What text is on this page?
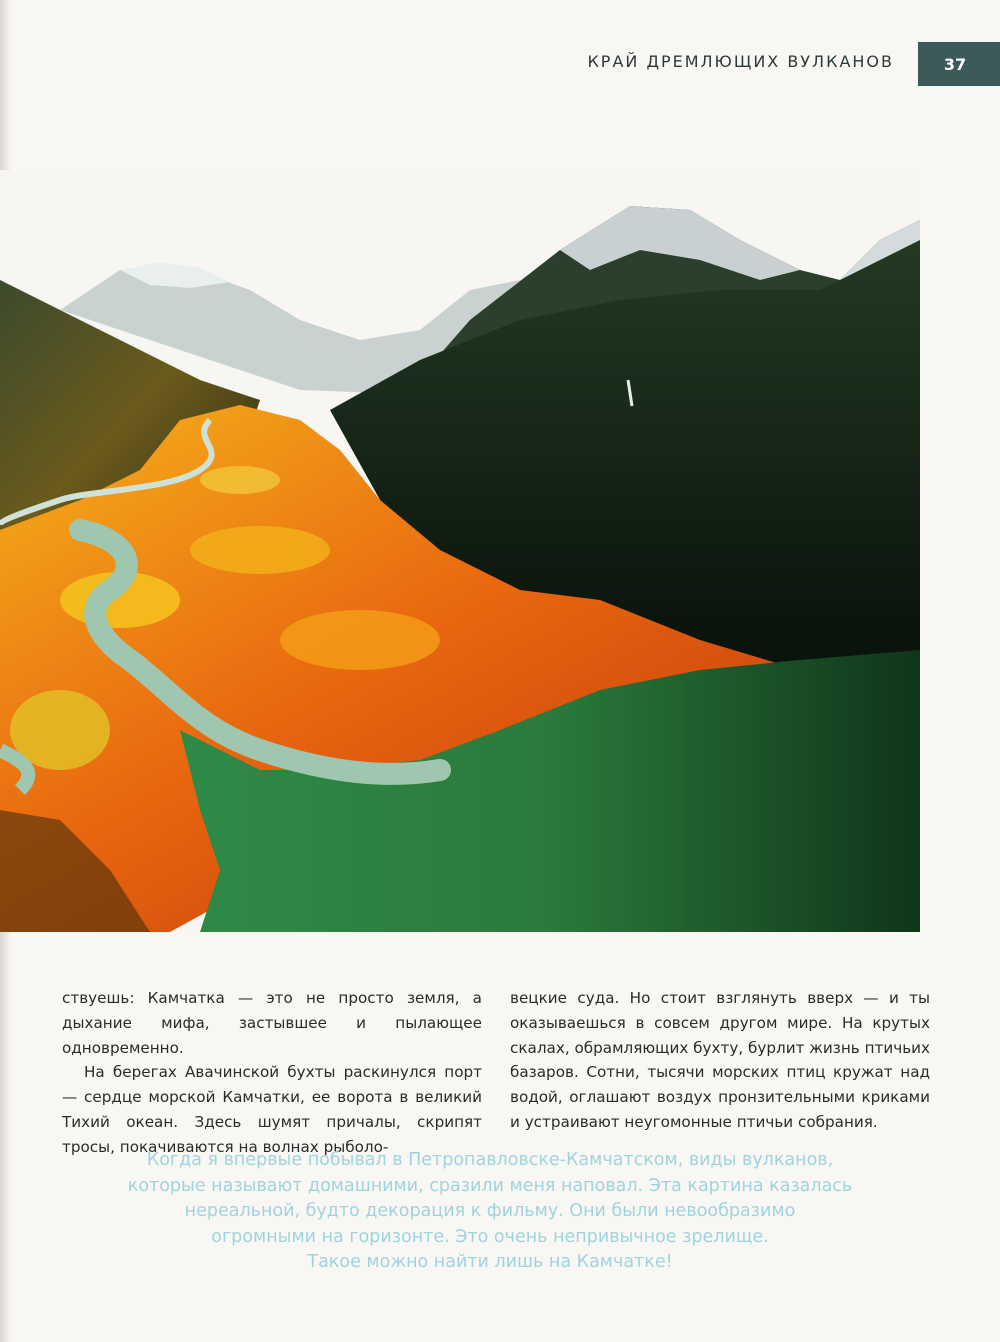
КРАЙ ДРЕМЛЮЩИХ ВУЛКАНОВ	37

ствуешь: Камчатка — это не просто земля, а дыхание мифа, застывшее и пылающее одновременно.

На берегах Авачинской бухты раскинулся порт — сердце морской Камчатки, ее ворота в великий Тихий океан. Здесь шумят причалы, скрипят тросы, покачиваются на волнах рыболо-

вецкие суда. Но стоит взглянуть вверх — и ты оказываешься в совсем другом мире. На крутых скалах, обрамляющих бухту, бурлит жизнь птичьих базаров. Сотни, тысячи морских птиц кружат над водой, оглашают воздух пронзительными криками и устраивают неугомонные птичьи собрания.

Когда я впервые побывал в Петропавловске-Камчатском, виды вулканов,
которые называют домашними, сразили меня наповал. Эта картина казалась
нереальной, будто декорация к фильму. Они были невообразимо
огромными на горизонте. Это очень непривычное зрелище.
Такое можно найти лишь на Камчатке!
